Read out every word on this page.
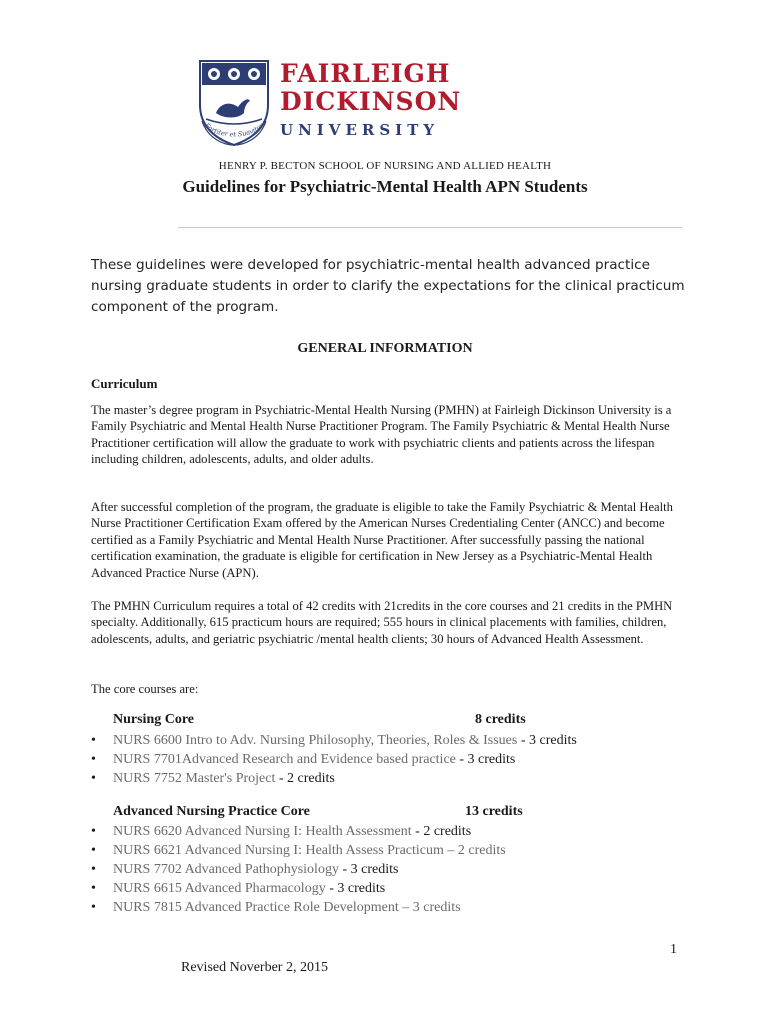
Fortiter et Suaviter
FAIRLEIGH
DICKINSON
UNIVERSITY
HENRY P. BECTON SCHOOL OF NURSING AND ALLIED HEALTH
Guidelines for Psychiatric-Mental Health APN Students
These guidelines were developed for psychiatric-mental health advanced practice nursing graduate students in order to clarify the expectations for the clinical practicum component of the program.
GENERAL INFORMATION
Curriculum
The master’s degree program in Psychiatric-Mental Health Nursing (PMHN) at Fairleigh Dickinson University is a Family Psychiatric and Mental Health Nurse Practitioner Program. The Family Psychiatric & Mental Health Nurse Practitioner certification will allow the graduate to work with psychiatric clients and patients across the lifespan including children, adolescents, adults, and older adults.
After successful completion of the program, the graduate is eligible to take the Family Psychiatric & Mental Health Nurse Practitioner Certification Exam offered by the American Nurses Credentialing Center (ANCC) and become certified as a Family Psychiatric and Mental Health Nurse Practitioner. After successfully passing the national certification examination, the graduate is eligible for certification in New Jersey as a Psychiatric-Mental Health Advanced Practice Nurse (APN).
The PMHN Curriculum requires a total of 42 credits with 21credits in the core courses and 21 credits in the PMHN specialty. Additionally, 615 practicum hours are required; 555 hours in clinical placements with families, children, adolescents, adults, and geriatric psychiatric /mental health clients; 30 hours of Advanced Health Assessment.
The core courses are:
Nursing Core	8 credits
•	NURS 6600 Intro to Adv. Nursing Philosophy, Theories, Roles & Issues - 3 credits
•	NURS 7701Advanced Research and Evidence based practice - 3 credits
•	NURS 7752 Master's Project - 2 credits
Advanced Nursing Practice Core	13 credits
•	NURS 6620 Advanced Nursing I: Health Assessment - 2 credits
•	NURS 6621 Advanced Nursing I: Health Assess Practicum – 2 credits
•	NURS 7702 Advanced Pathophysiology - 3 credits
•	NURS 6615 Advanced Pharmacology - 3 credits
•	NURS 7815 Advanced Practice Role Development – 3 credits
1
Revised Noverber 2, 2015
